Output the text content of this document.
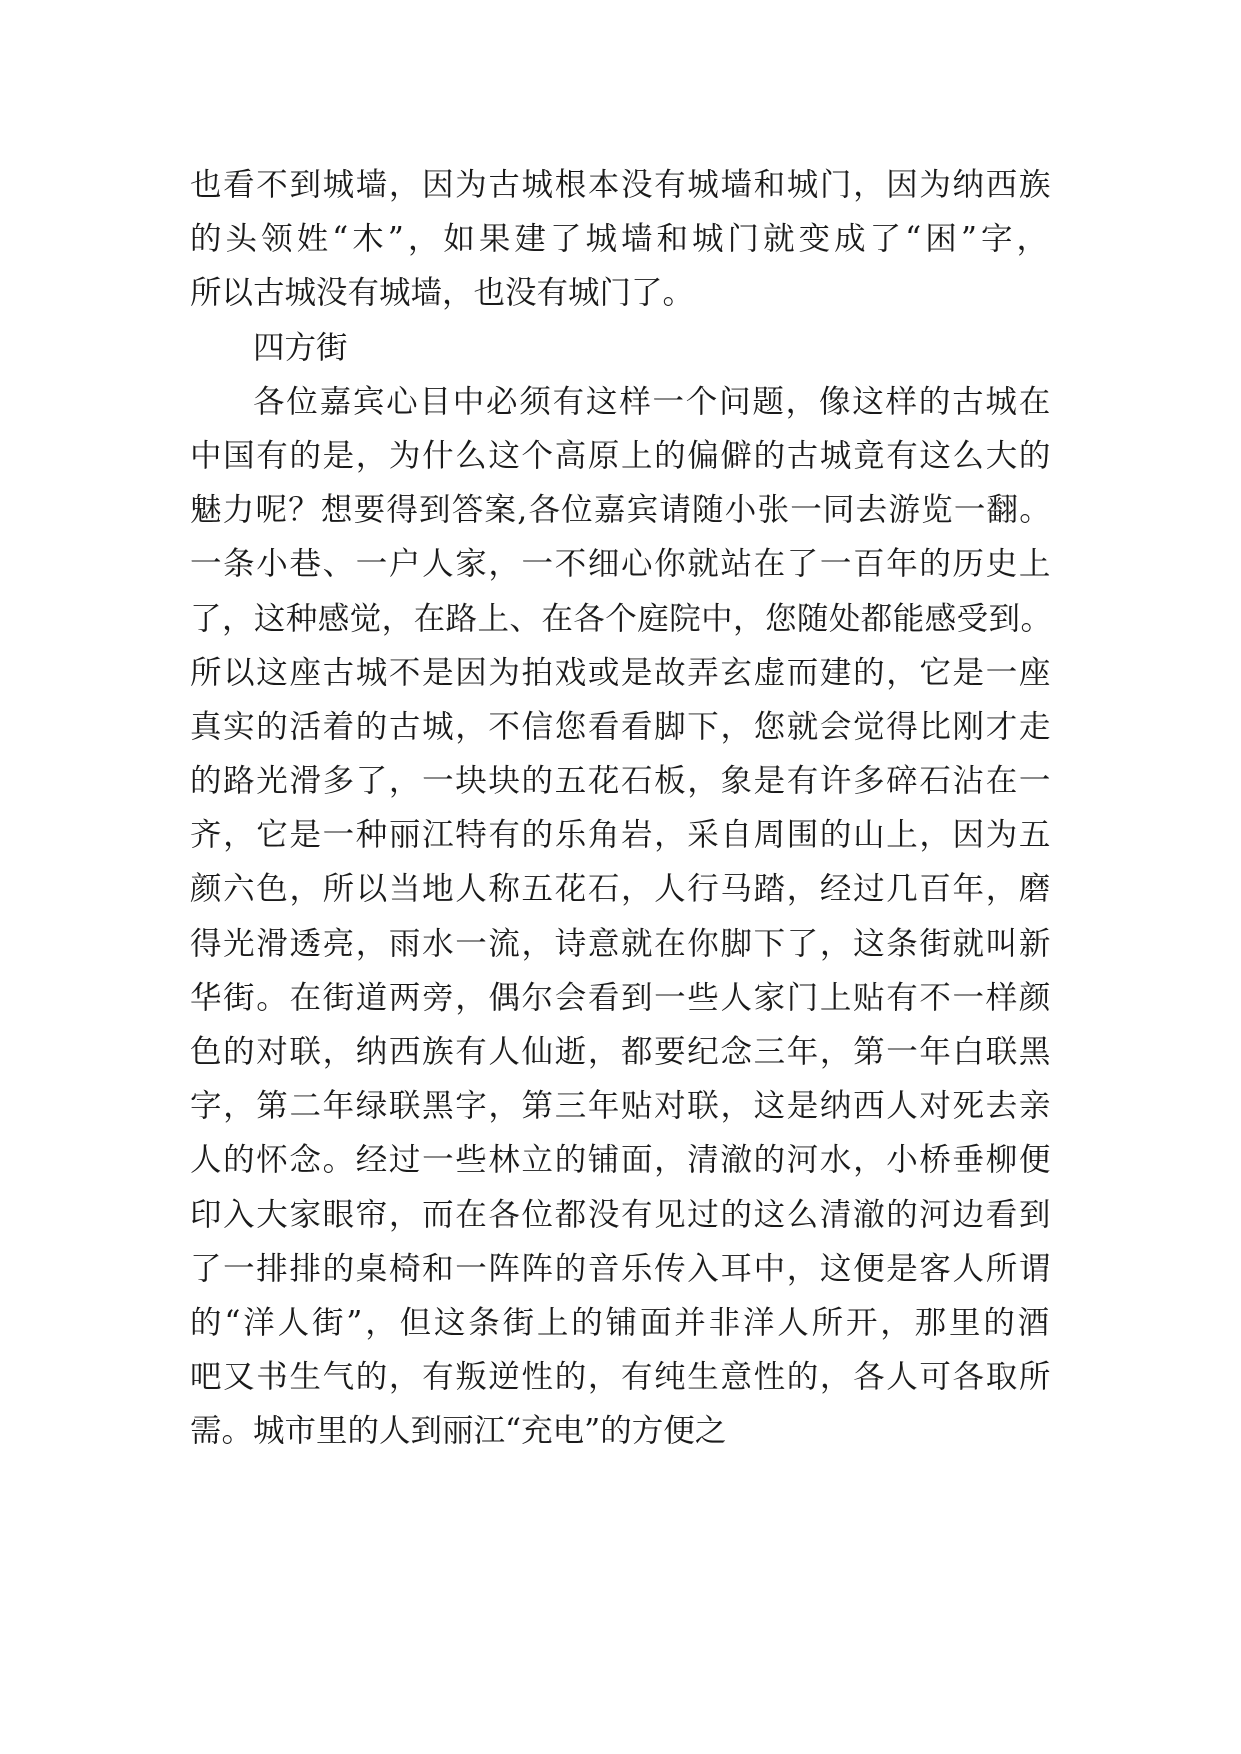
也看不到城墙，因为古城根本没有城墙和城门，因为纳西族
的头领姓“木”，如果建了城墙和城门就变成了“困”字，
所以古城没有城墙，也没有城门了。
四方街
各位嘉宾心目中必须有这样一个问题，像这样的古城在
中国有的是，为什么这个高原上的偏僻的古城竟有这么大的
魅力呢？想要得到答案,各位嘉宾请随小张一同去游览一翻。
一条小巷、一户人家，一不细心你就站在了一百年的历史上
了，这种感觉，在路上、在各个庭院中，您随处都能感受到。
所以这座古城不是因为拍戏或是故弄玄虚而建的，它是一座
真实的活着的古城，不信您看看脚下，您就会觉得比刚才走
的路光滑多了，一块块的五花石板，象是有许多碎石沾在一
齐，它是一种丽江特有的乐角岩，采自周围的山上，因为五
颜六色，所以当地人称五花石，人行马踏，经过几百年，磨
得光滑透亮，雨水一流，诗意就在你脚下了，这条街就叫新
华街。在街道两旁，偶尔会看到一些人家门上贴有不一样颜
色的对联，纳西族有人仙逝，都要纪念三年，第一年白联黑
字，第二年绿联黑字，第三年贴对联，这是纳西人对死去亲
人的怀念。经过一些林立的铺面，清澈的河水，小桥垂柳便
印入大家眼帘，而在各位都没有见过的这么清澈的河边看到
了一排排的桌椅和一阵阵的音乐传入耳中，这便是客人所谓
的“洋人街”，但这条街上的铺面并非洋人所开，那里的酒
吧又书生气的，有叛逆性的，有纯生意性的，各人可各取所
需。城市里的人到丽江“充电”的方便之
